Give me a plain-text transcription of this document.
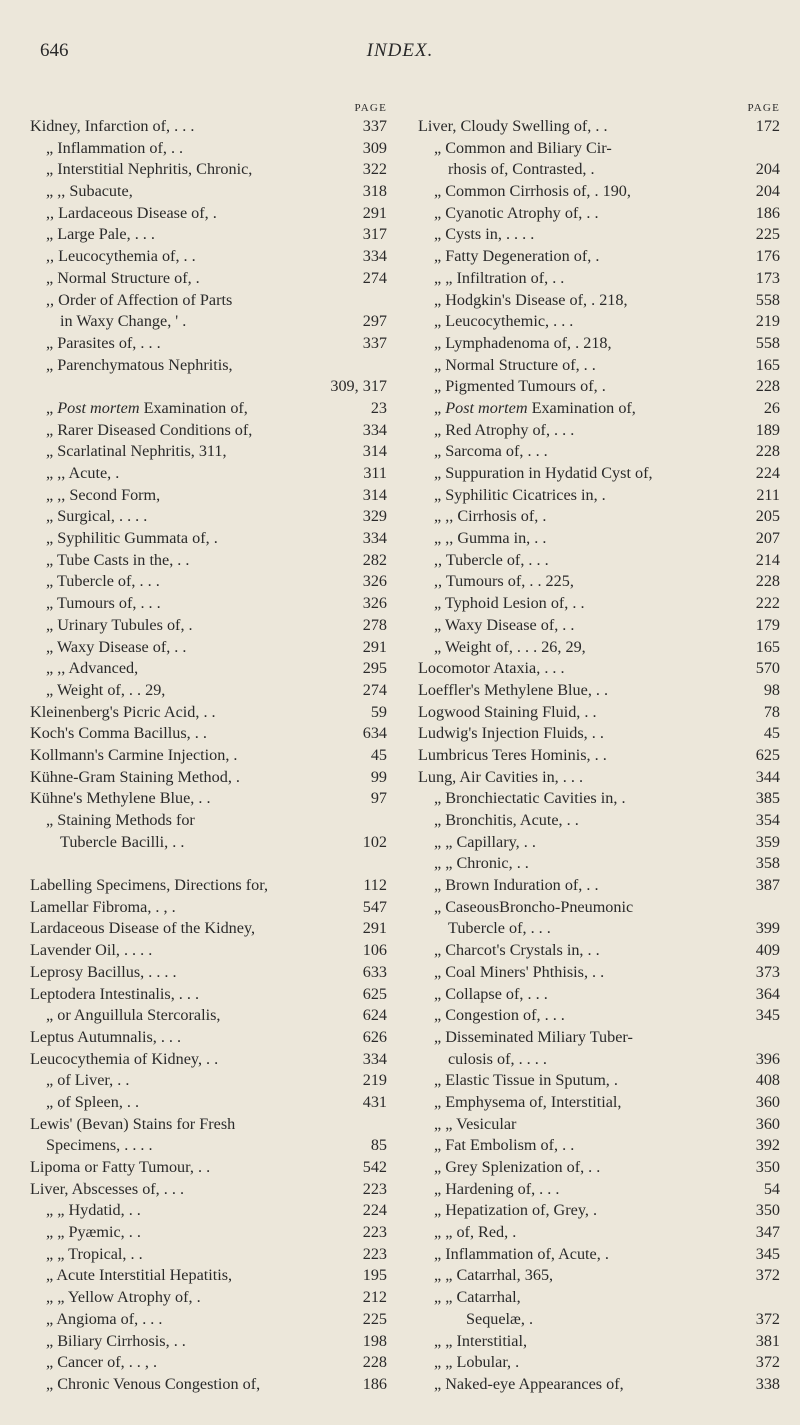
646	INDEX.
PAGE
Kidney, Infarction of, . . .	337
„ Inflammation of, . .	309
„ Interstitial Nephritis, Chronic,	322
„ ,, Subacute,	318
,, Lardaceous Disease of, .	291
„ Large Pale, . . .	317
,, Leucocythemia of, . .	334
„ Normal Structure of, .	274
,, Order of Affection of Parts
in Waxy Change, ' .	297
„ Parasites of, . . .	337
„ Parenchymatous Nephritis,
309, 317
„ Post mortem Examination of,	23
„ Rarer Diseased Conditions of,	334
„ Scarlatinal Nephritis, 311,	314
„ ,, Acute, .	311
„ ,, Second Form,	314
„ Surgical, . . . .	329
„ Syphilitic Gummata of, .	334
„ Tube Casts in the, . .	282
„ Tubercle of, . . .	326
„ Tumours of, . . .	326
„ Urinary Tubules of, .	278
„ Waxy Disease of, . .	291
„ ,, Advanced,	295
„ Weight of, . . 29,	274
Kleinenberg's Picric Acid, . .	59
Koch's Comma Bacillus, . .	634
Kollmann's Carmine Injection, .	45
Kühne-Gram Staining Method, .	99
Kühne's Methylene Blue, . .	97
„ Staining Methods for
Tubercle Bacilli, . .	102
Labelling Specimens, Directions for,	112
Lamellar Fibroma, . , .	547
Lardaceous Disease of the Kidney,	291
Lavender Oil, . . . .	106
Leprosy Bacillus, . . . .	633
Leptodera Intestinalis, . . .	625
„ or Anguillula Stercoralis,	624
Leptus Autumnalis, . . .	626
Leucocythemia of Kidney, . .	334
„ of Liver, . .	219
„ of Spleen, . .	431
Lewis' (Bevan) Stains for Fresh
Specimens, . . . .	85
Lipoma or Fatty Tumour, . .	542
Liver, Abscesses of, . . .	223
„ „ Hydatid, . .	224
„ „ Pyæmic, . .	223
„ „ Tropical, . .	223
„ Acute Interstitial Hepatitis,	195
„ „ Yellow Atrophy of, .	212
„ Angioma of, . . .	225
„ Biliary Cirrhosis, . .	198
„ Cancer of, . . , .	228
„ Chronic Venous Congestion of,	186
PAGE
Liver, Cloudy Swelling of, . .	172
„ Common and Biliary Cir-
rhosis of, Contrasted, .	204
„ Common Cirrhosis of, . 190,	204
„ Cyanotic Atrophy of, . .	186
„ Cysts in, . . . .	225
„ Fatty Degeneration of, .	176
„ „ Infiltration of, . .	173
„ Hodgkin's Disease of, . 218,	558
„ Leucocythemic, . . .	219
„ Lymphadenoma of, . 218,	558
„ Normal Structure of, . .	165
„ Pigmented Tumours of, .	228
„ Post mortem Examination of,	26
„ Red Atrophy of, . . .	189
„ Sarcoma of, . . .	228
„ Suppuration in Hydatid Cyst of,	224
„ Syphilitic Cicatrices in, .	211
„ ,, Cirrhosis of, .	205
„ ,, Gumma in, . .	207
,, Tubercle of, . . .	214
,, Tumours of, . . 225,	228
„ Typhoid Lesion of, . .	222
„ Waxy Disease of, . .	179
„ Weight of, . . . 26, 29,	165
Locomotor Ataxia, . . .	570
Loeffler's Methylene Blue, . .	98
Logwood Staining Fluid, . .	78
Ludwig's Injection Fluids, . .	45
Lumbricus Teres Hominis, . .	625
Lung, Air Cavities in, . . .	344
„ Bronchiectatic Cavities in, .	385
„ Bronchitis, Acute, . .	354
„ „ Capillary, . .	359
„ „ Chronic, . .	358
„ Brown Induration of, . .	387
„ CaseousBroncho-Pneumonic
Tubercle of, . . .	399
„ Charcot's Crystals in, . .	409
„ Coal Miners' Phthisis, . .	373
„ Collapse of, . . .	364
„ Congestion of, . . .	345
„ Disseminated Miliary Tuber-
culosis of, . . . .	396
„ Elastic Tissue in Sputum, .	408
„ Emphysema of, Interstitial,	360
„ „ Vesicular	360
„ Fat Embolism of, . .	392
„ Grey Splenization of, . .	350
„ Hardening of, . . .	54
„ Hepatization of, Grey, .	350
„ „ of, Red, .	347
„ Inflammation of, Acute, .	345
„ „ Catarrhal, 365,	372
„ „ Catarrhal,
Sequelæ, .	372
„ „ Interstitial,	381
„ „ Lobular, .	372
„ Naked-eye Appearances of,	338
